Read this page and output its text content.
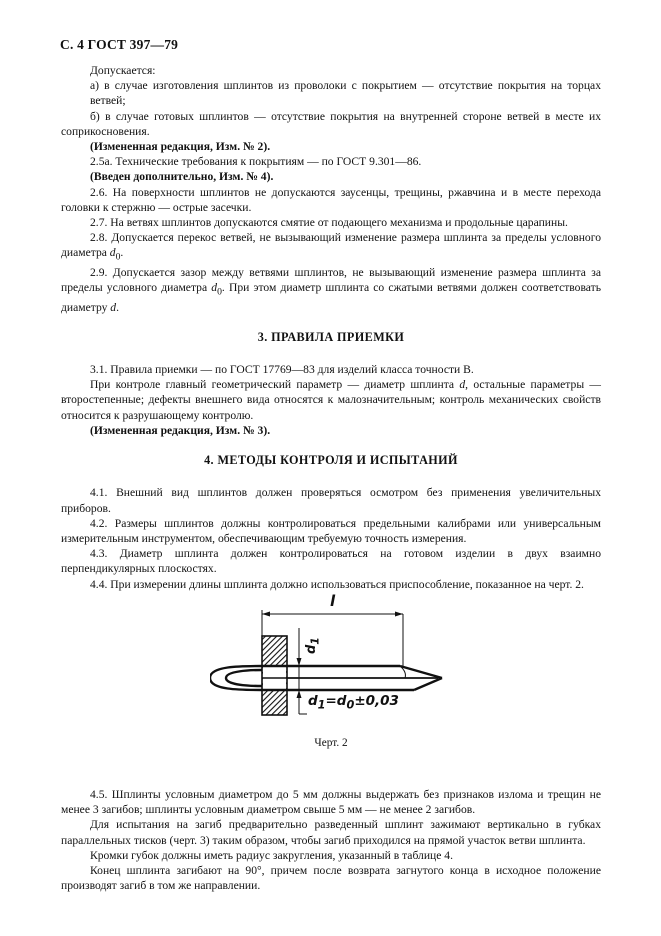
С. 4 ГОСТ 397—79

Допускается:

а) в случае изготовления шплинтов из проволоки с покрытием — отсутствие покрытия на торцах ветвей;

б) в случае готовых шплинтов — отсутствие покрытия на внутренней стороне ветвей в месте их соприкосновения.

(Измененная редакция, Изм. № 2).

2.5а. Технические требования к покрытиям — по ГОСТ 9.301—86.

(Введен дополнительно, Изм. № 4).

2.6. На поверхности шплинтов не допускаются заусенцы, трещины, ржавчина и в месте перехода головки к стержню — острые засечки.

2.7. На ветвях шплинтов допускаются смятие от подающего механизма и продольные царапины.

2.8. Допускается перекос ветвей, не вызывающий изменение размера шплинта за пределы условного диаметра $d_0$.

2.9. Допускается зазор между ветвями шплинтов, не вызывающий изменение размера шплинта за пределы условного диаметра $d_0$. При этом диаметр шплинта со сжатыми ветвями должен соответствовать диаметру d.

3. ПРАВИЛА ПРИЕМКИ

3.1. Правила приемки — по ГОСТ 17769—83 для изделий класса точности В.

При контроле главный геометрический параметр — диаметр шплинта d, остальные параметры — второстепенные; дефекты внешнего вида относятся к малозначительным; контроль механических свойств относится к разрушающему контролю.

(Измененная редакция, Изм. № 3).

4. МЕТОДЫ КОНТРОЛЯ И ИСПЫТАНИЙ

4.1. Внешний вид шплинтов должен проверяться осмотром без применения увеличительных приборов.

4.2. Размеры шплинтов должны контролироваться предельными калибрами или универсальным измерительным инструментом, обеспечивающим требуемую точность измерения.

4.3. Диаметр шплинта должен контролироваться на готовом изделии в двух взаимно перпендикулярных плоскостях.

4.4. При измерении длины шплинта должно использоваться приспособление, показанное на черт. 2.

l
$d_1$
$d_1=d_0\pm 0,03$

Черт. 2

4.5. Шплинты условным диаметром до 5 мм должны выдержать без признаков излома и трещин не менее 3 загибов; шплинты условным диаметром свыше 5 мм — не менее 2 загибов.

Для испытания на загиб предварительно разведенный шплинт зажимают вертикально в губках параллельных тисков (черт. 3) таким образом, чтобы загиб приходился на прямой участок ветви шплинта.

Кромки губок должны иметь радиус закругления, указанный в таблице 4.

Конец шплинта загибают на 90°, причем после возврата загнутого конца в исходное положение производят загиб в том же направлении.
